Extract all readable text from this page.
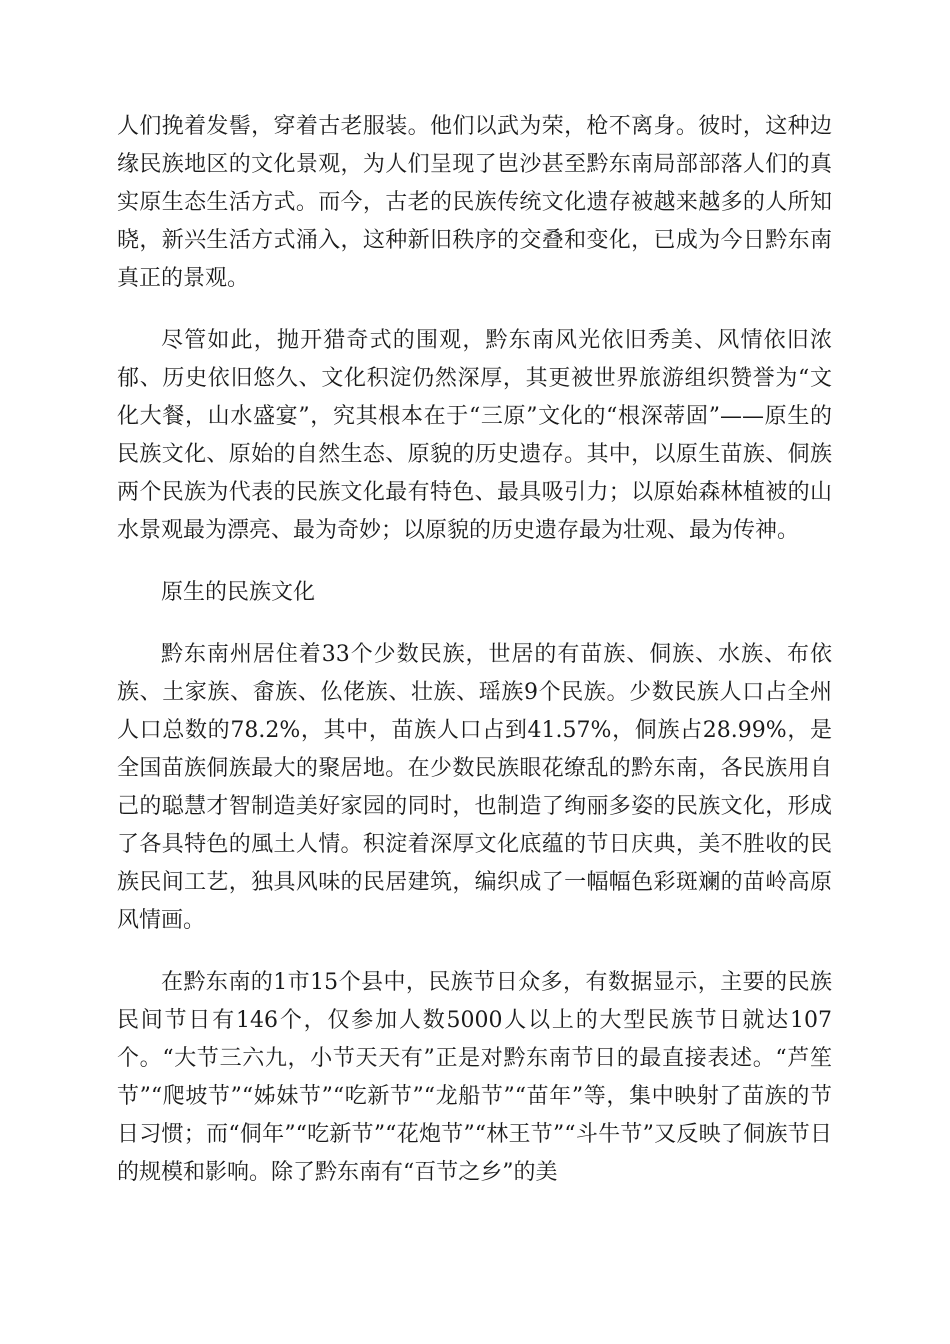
人们挽着发髻，穿着古老服装。他们以武为荣，枪不离身。彼时，这种边缘民族地区的文化景观，为人们呈现了岜沙甚至黔东南局部部落人们的真实原生态生活方式。而今，古老的民族传统文化遗存被越来越多的人所知晓，新兴生活方式涌入，这种新旧秩序的交叠和变化，已成为今日黔东南真正的景观。

尽管如此，抛开猎奇式的围观，黔东南风光依旧秀美、风情依旧浓郁、历史依旧悠久、文化积淀仍然深厚，其更被世界旅游组织赞誉为“文化大餐，山水盛宴”，究其根本在于“三原”文化的“根深蒂固”——原生的民族文化、原始的自然生态、原貌的历史遗存。其中，以原生苗族、侗族两个民族为代表的民族文化最有特色、最具吸引力；以原始森林植被的山水景观最为漂亮、最为奇妙；以原貌的历史遗存最为壮观、最为传神。

原生的民族文化

黔东南州居住着33个少数民族，世居的有苗族、侗族、水族、布依族、土家族、畲族、仫佬族、壮族、瑶族9个民族。少数民族人口占全州人口总数的78.2%，其中，苗族人口占到41.57%，侗族占28.99%，是全国苗族侗族最大的聚居地。在少数民族眼花缭乱的黔东南，各民族用自己的聪慧才智制造美好家园的同时，也制造了绚丽多姿的民族文化，形成了各具特色的風土人情。积淀着深厚文化底蕴的节日庆典，美不胜收的民族民间工艺，独具风味的民居建筑，编织成了一幅幅色彩斑斓的苗岭高原风情画。

在黔东南的1市15个县中，民族节日众多，有数据显示，主要的民族民间节日有146个，仅参加人数5000人以上的大型民族节日就达107个。“大节三六九，小节天天有”正是对黔东南节日的最直接表述。“芦笙节”“爬坡节”“姊妹节”“吃新节”“龙船节”“苗年”等，集中映射了苗族的节日习惯；而“侗年”“吃新节”“花炮节”“林王节”“斗牛节”又反映了侗族节日的规模和影响。除了黔东南有“百节之乡”的美
